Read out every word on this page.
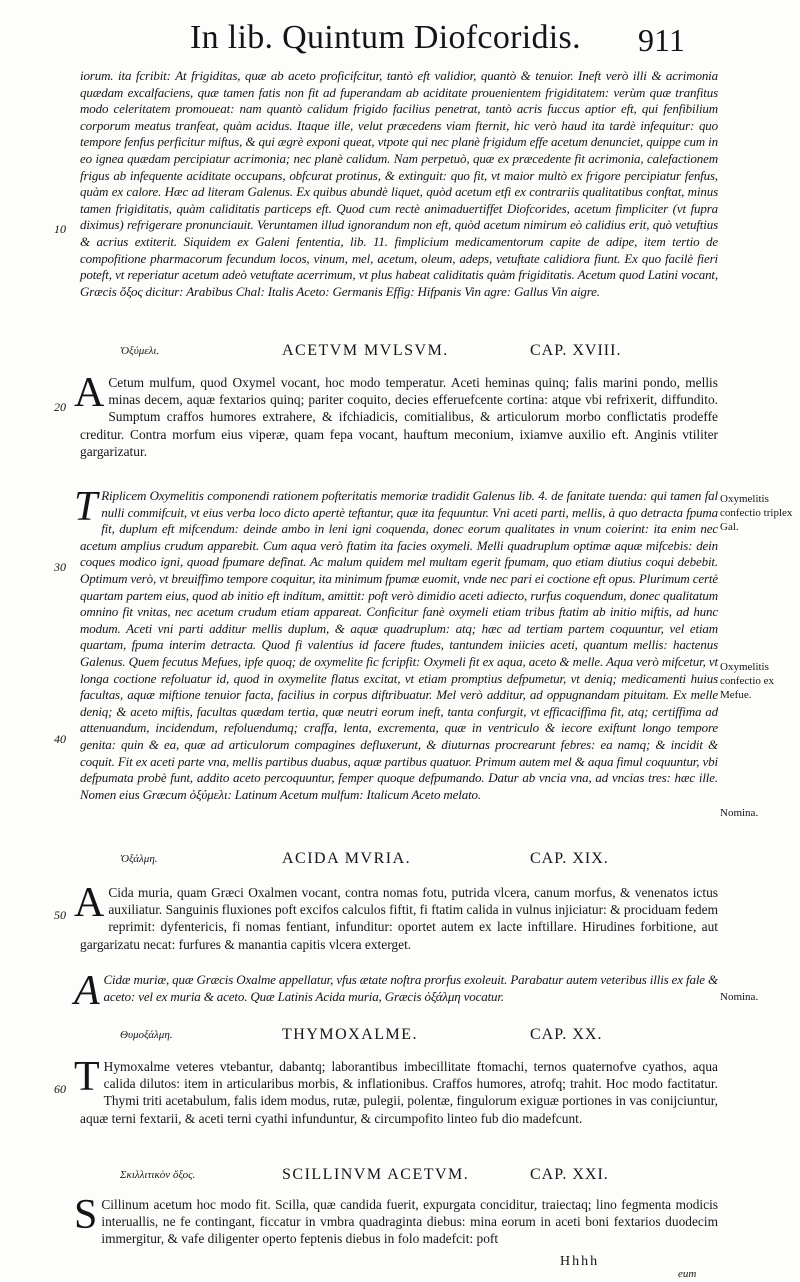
In lib. Quintum Diofcoridis. 911

iorum. ita fcribit: At frigiditas, quæ ab aceto proficifcitur, tantò eft validior, quantò & tenuior. Ineft verò illi & acrimonia quædam excalfaciens, quæ tamen fatis non fit ad fuperandam ab aciditate prouenientem frigiditatem: verùm quæ tranfitus modo celeritatem promoueat: nam quantò calidum frigido facilius penetrat, tantò acris fuccus aptior eft, qui fenfibilium corporum meatus tranfeat, quàm acidus. Itaque ille, velut præcedens viam fternit, hic verò haud ita tardè infequitur: quo tempore fenfus perficitur miftus, & qui ægrè exponi queat, vtpote qui nec planè frigidum effe acetum denunciet, quippe cum in eo ignea quædam percipiatur acrimonia; nec planè calidum. Nam perpetuò, quæ ex præcedente fit acrimonia, calefactionem frigus ab infequente aciditate occupans, obfcurat protinus, & extinguit: quo fit, vt maior multò ex frigore percipiatur fenfus, quàm ex calore. Hæc ad literam Galenus. Ex quibus abundè liquet, quòd acetum etfi ex contrariis qualitatibus conftat, minus tamen frigiditatis, quàm caliditatis particeps eft. Quod cum rectè animaduertiffet Diofcorides, acetum fimpliciter (vt fupra diximus) refrigerare pronunciauit. Veruntamen illud ignorandum non eft, quòd acetum nimirum eò calidius erit, quò vetuftius & acrius extiterit. Siquidem ex Galeni fententia, lib. 11. fimplicium medicamentorum capite de adipe, item tertio de compofitione pharmacorum fecundum locos, vinum, mel, acetum, oleum, adeps, vetuftate calidiora fiunt. Ex quo facilè fieri poteft, vt reperiatur acetum adeò vetuftate acerrimum, vt plus habeat caliditatis quàm frigiditatis. Acetum quod Latini vocant, Græcis ὄξος dicitur: Arabibus Chal: Italis Aceto: Germanis Effig: Hifpanis Vin agre: Gallus Vin aigre.

Ὀξύμελι.	ACETVM MVLSVM.	CAP. XVIII.

A Cetum mulfum, quod Oxymel vocant, hoc modo temperatur. Aceti heminas quinq; falis marini pondo, mellis minas decem, aquæ fextarios quinq; pariter coquito, decies efferuefcente cortina: atque vbi refrixerit, diffundito. Sumptum craffos humores extrahere, & ifchiadicis, comitialibus, & articulorum morbo conflictatis prodeffe creditur. Contra morfum eius viperæ, quam fepa vocant, hauftum meconium, ixiamve auxilio eft. Anginis vtiliter gargarizatur.

T Riplicem Oxymelitis componendi rationem pofteritatis memoriæ tradidit Galenus lib. 4. de fanitate tuenda: qui tamen fal nulli commifcuit, vt eius verba loco dicto apertè teftantur, quæ ita fequuntur. Vni aceti parti, mellis, à quo detracta fpuma fit, duplum eft mifcendum: deinde ambo in leni igni coquenda, donec eorum qualitates in vnum coierint: ita enim nec acetum amplius crudum apparebit. Cum aqua verò ftatim ita facies oxymeli. Melli quadruplum optimæ aquæ mifcebis: dein coques modico igni, quoad fpumare defînat. Ac malum quidem mel multam egerit fpumam, quo etiam diutius coqui debebit. Optimum verò, vt breuiffimo tempore coquitur, ita minimum fpumæ euomit, vnde nec pari ei coctione eft opus. Plurimum certè quartam partem eius, quod ab initio eft inditum, amittit: poft verò dimidio aceti adiecto, rurfus coquendum, donec qualitatum omnino fit vnitas, nec acetum crudum etiam appareat. Conficitur fanè oxymeli etiam tribus ftatim ab initio miftis, ad hunc modum. Aceti vni parti additur mellis duplum, & aquæ quadruplum: atq; hæc ad tertiam partem coquuntur, vel etiam quartam, fpuma interim detracta. Quod fi valentius id facere ftudes, tantundem iniicies aceti, quantum mellis: hactenus Galenus. Quem fecutus Mefues, ipfe quoq; de oxymelite fic fcripfit: Oxymeli fit ex aqua, aceto & melle. Aqua verò mifcetur, vt longa coctione refoluatur id, quod in oxymelite flatus excitat, vt etiam promptius defpumetur, vt deniq; medicamenti huius facultas, aquæ miftione tenuior facta, facilius in corpus diftribuatur. Mel verò additur, ad oppugnandam pituitam. Ex melle deniq; & aceto miftis, facultas quædam tertia, quæ neutri eorum ineft, tanta confurgit, vt efficaciffima fit, atq; certiffima ad attenuandum, incidendum, refoluendumq; craffa, lenta, excrementa, quæ in ventriculo & iecore exiftunt longo tempore genita: quin & ea, quæ ad articulorum compagines defluxerunt, & diuturnas procrearunt febres: ea namq; & incidit & coquit. Fit ex aceti parte vna, mellis partibus duabus, aquæ partibus quatuor. Primum autem mel & aqua fimul coquuntur, vbi defpumata probè funt, addito aceto percoquuntur, femper quoque defpumando. Datur ab vncia vna, ad vncias tres: hæc ille. Nomen eius Græcum ὀξύμελι: Latinum Acetum mulfum: Italicum Aceto melato.

Ὀξάλμη.	ACIDA MVRIA.	CAP. XIX.

A Cida muria, quam Græci Oxalmen vocant, contra nomas fotu, putrida vlcera, canum morfus, & venenatos ictus auxiliatur. Sanguinis fluxiones poft excifos calculos fiftit, fi ftatim calida in vulnus injiciatur: & prociduam fedem reprimit: dyfentericis, fi nomas fentiant, infunditur: oportet autem ex lacte inftillare. Hirudines forbitione, aut gargarizatu necat: furfures & manantia capitis vlcera exterget.

A Cidæ muriæ, quæ Græcis Oxalme appellatur, vfus ætate noftra prorfus exoleuit. Parabatur autem veteribus illis ex fale & aceto: vel ex muria & aceto. Quæ Latinis Acida muria, Græcis ὀξάλμη vocatur.

Θυμοξάλμη.	THYMOXALME.	CAP. XX.

T Hymoxalme veteres vtebantur, dabantq; laborantibus imbecillitate ftomachi, ternos quaternofve cyathos, aqua calida dilutos: item in articularibus morbis, & inflationibus. Craffos humores, atrofq; trahit. Hoc modo factitatur. Thymi triti acetabulum, falis idem modus, rutæ, pulegii, polentæ, fingulorum exiguæ portiones in vas conijciuntur, aquæ terni fextarii, & aceti terni cyathi infunduntur, & circumpofito linteo fub dio madefcunt.

Σκιλλιτικὸν ὄξος.	SCILLINVM ACETVM.	CAP. XXI.

S Cillinum acetum hoc modo fit. Scilla, quæ candida fuerit, expurgata conciditur, traiectaq; lino fegmenta modicis interuallis, ne fe contingant, ficcatur in vmbra quadraginta diebus: mina eorum in aceti boni fextarios duodecim immergitur, & vafe diligenter operto feptenis diebus in folo madefcit: poft

10
20
30
40
50
60
Oxymelitis confectio triplex Gal.
Oxymelitis confectio ex Mefue.
Nomina.
Nomina.
Hhhh
eum
